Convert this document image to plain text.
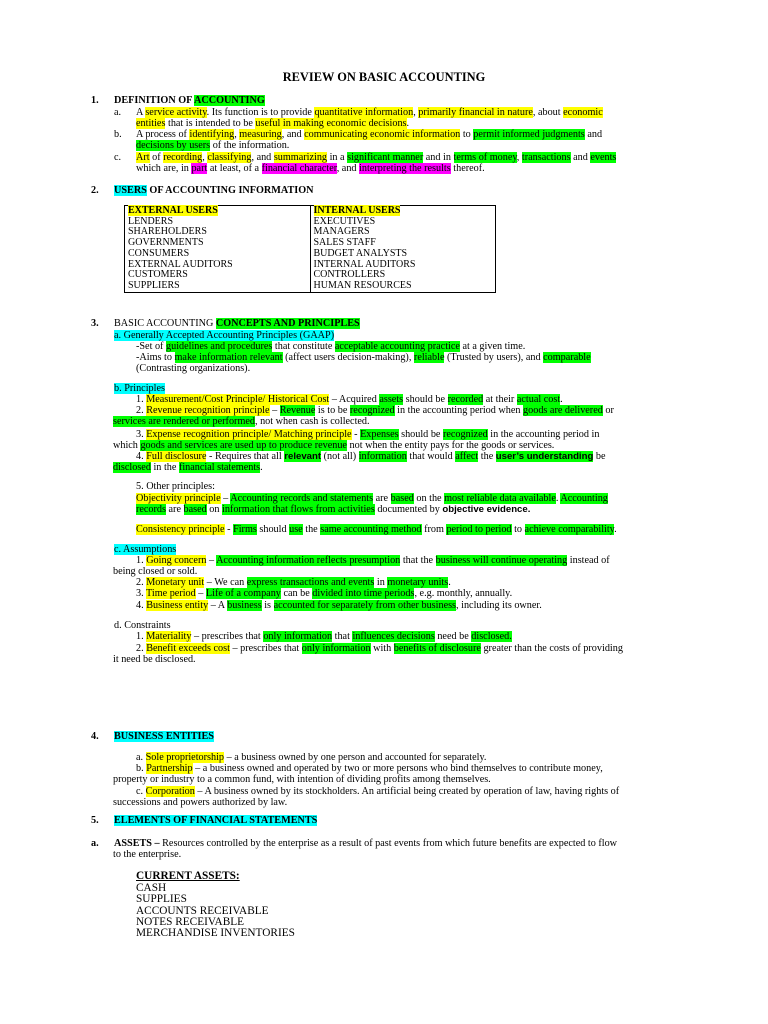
REVIEW ON BASIC ACCOUNTING
1. DEFINITION OF ACCOUNTING
a. A service activity. Its function is to provide quantitative information, primarily financial in nature, about economic
entities that is intended to be useful in making economic decisions.
b. A process of identifying, measuring, and communicating economic information to permit informed judgments and
decisions by users of the information.
c. Art of recording, classifying, and summarizing in a significant manner and in terms of money, transactions and events
which are, in part at least, of a financial character, and interpreting the results thereof.
2. USERS OF ACCOUNTING INFORMATION
EXTERNAL USERS	INTERNAL USERS
LENDERS	EXECUTIVES
SHAREHOLDERS	MANAGERS
GOVERNMENTS	SALES STAFF
CONSUMERS	BUDGET ANALYSTS
EXTERNAL AUDITORS	INTERNAL AUDITORS
CUSTOMERS	CONTROLLERS
SUPPLIERS	HUMAN RESOURCES
3. BASIC ACCOUNTING CONCEPTS AND PRINCIPLES
a. Generally Accepted Accounting Principles (GAAP)
-Set of guidelines and procedures that constitute acceptable accounting practice at a given time.
-Aims to make information relevant (affect users decision-making), reliable (Trusted by users), and comparable
(Contrasting organizations).
b. Principles
1. Measurement/Cost Principle/ Historical Cost – Acquired assets should be recorded at their actual cost.
2. Revenue recognition principle – Revenue is to be recognized in the accounting period when goods are delivered or
services are rendered or performed, not when cash is collected.
3. Expense recognition principle/ Matching principle - Expenses should be recognized in the accounting period in
which goods and services are used up to produce revenue not when the entity pays for the goods or services.
4. Full disclosure - Requires that all relevant (not all) information that would affect the user’s understanding be
disclosed in the financial statements.
5. Other principles:
Objectivity principle – Accounting records and statements are based on the most reliable data available. Accounting
records are based on information that flows from activities documented by objective evidence.
Consistency principle - Firms should use the same accounting method from period to period to achieve comparability.
c. Assumptions
1. Going concern – Accounting information reflects presumption that the business will continue operating instead of
being closed or sold.
2. Monetary unit – We can express transactions and events in monetary units.
3. Time period – Life of a company can be divided into time periods, e.g. monthly, annually.
4. Business entity – A business is accounted for separately from other business, including its owner.
d. Constraints
1. Materiality – prescribes that only information that influences decisions need be disclosed.
2. Benefit exceeds cost – prescribes that only information with benefits of disclosure greater than the costs of providing
it need be disclosed.
4. BUSINESS ENTITIES
a. Sole proprietorship – a business owned by one person and accounted for separately.
b. Partnership – a business owned and operated by two or more persons who bind themselves to contribute money,
property or industry to a common fund, with intention of dividing profits among themselves.
c. Corporation – A business owned by its stockholders. An artificial being created by operation of law, having rights of
successions and powers authorized by law.
5. ELEMENTS OF FINANCIAL STATEMENTS
a. ASSETS – Resources controlled by the enterprise as a result of past events from which future benefits are expected to flow
to the enterprise.
CURRENT ASSETS:
CASH
SUPPLIES
ACCOUNTS RECEIVABLE
NOTES RECEIVABLE
MERCHANDISE INVENTORIES
